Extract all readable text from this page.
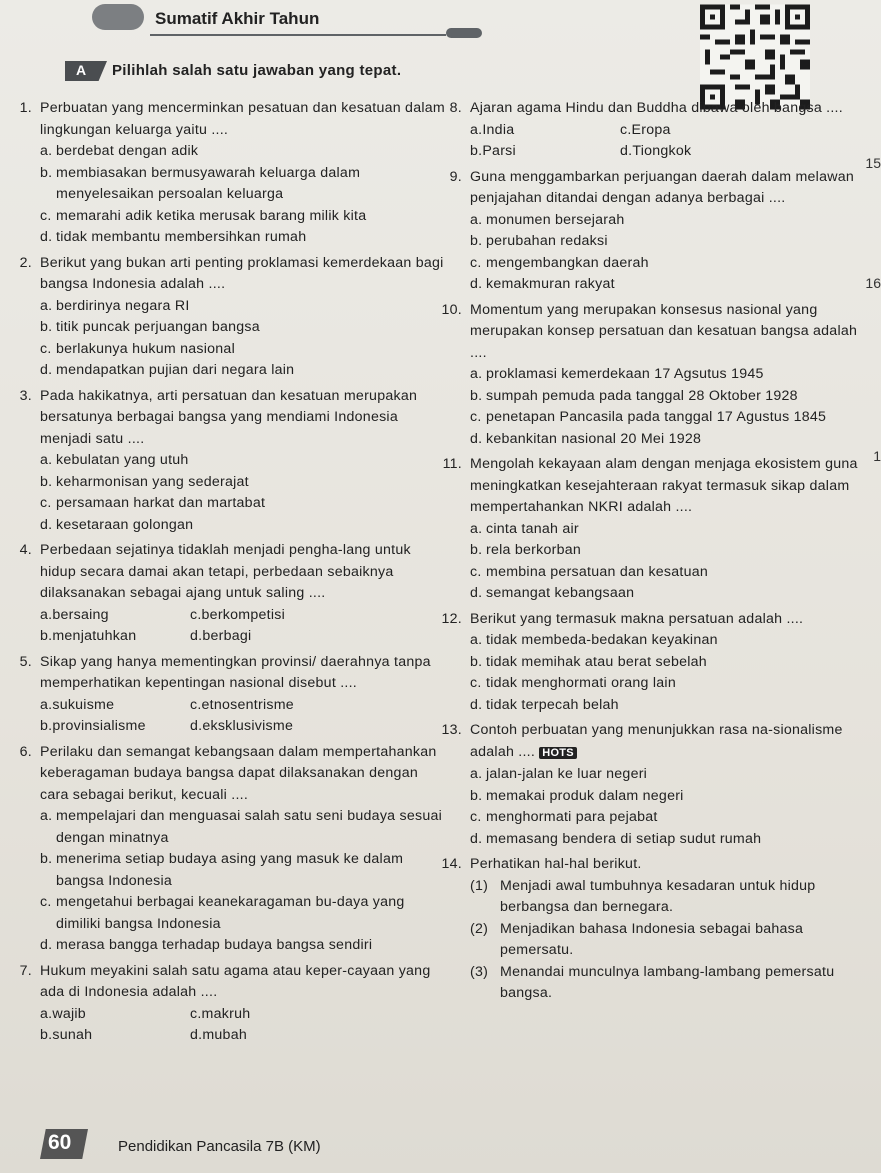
Sumatif Akhir Tahun
A Pilihlah salah satu jawaban yang tepat.
15
16
1
1. Perbuatan yang mencerminkan pesatuan dan kesatuan dalam lingkungan keluarga yaitu ....
a. berdebat dengan adik
b. membiasakan bermusyawarah keluarga dalam menyelesaikan persoalan keluarga
c. memarahi adik ketika merusak barang milik kita
d. tidak membantu membersihkan rumah
2. Berikut yang bukan arti penting proklamasi kemerdekaan bagi bangsa Indonesia adalah ....
a. berdirinya negara RI
b. titik puncak perjuangan bangsa
c. berlakunya hukum nasional
d. mendapatkan pujian dari negara lain
3. Pada hakikatnya, arti persatuan dan kesatuan merupakan bersatunya berbagai bangsa yang mendiami Indonesia menjadi satu ....
a. kebulatan yang utuh
b. keharmonisan yang sederajat
c. persamaan harkat dan martabat
d. kesetaraan golongan
4. Perbedaan sejatinya tidaklah menjadi pengha-lang untuk hidup secara damai akan tetapi, perbedaan sebaiknya dilaksanakan sebagai ajang untuk saling ....
a. bersaing	c. berkompetisi
b. menjatuhkan	d. berbagi
5. Sikap yang hanya mementingkan provinsi/ daerahnya tanpa memperhatikan kepentingan nasional disebut ....
a. sukuisme	c. etnosentrisme
b. provinsialisme	d. eksklusivisme
6. Perilaku dan semangat kebangsaan dalam mempertahankan keberagaman budaya bangsa dapat dilaksanakan dengan cara sebagai berikut, kecuali ....
a. mempelajari dan menguasai salah satu seni budaya sesuai dengan minatnya
b. menerima setiap budaya asing yang masuk ke dalam bangsa Indonesia
c. mengetahui berbagai keanekaragaman bu-daya yang dimiliki bangsa Indonesia
d. merasa bangga terhadap budaya bangsa sendiri
7. Hukum meyakini salah satu agama atau keper-cayaan yang ada di Indonesia adalah ....
a. wajib	c. makruh
b. sunah	d. mubah
8. Ajaran agama Hindu dan Buddha dibawa oleh bangsa ....
a. India	c. Eropa
b. Parsi	d. Tiongkok
9. Guna menggambarkan perjuangan daerah dalam melawan penjajahan ditandai dengan adanya berbagai ....
a. monumen bersejarah
b. perubahan redaksi
c. mengembangkan daerah
d. kemakmuran rakyat
10. Momentum yang merupakan konsesus nasional yang merupakan konsep persatuan dan kesatuan bangsa adalah ....
a. proklamasi kemerdekaan 17 Agsutus 1945
b. sumpah pemuda pada tanggal 28 Oktober 1928
c. penetapan Pancasila pada tanggal 17 Agustus 1845
d. kebankitan nasional 20 Mei 1928
11. Mengolah kekayaan alam dengan menjaga ekosistem guna meningkatkan kesejahteraan rakyat termasuk sikap dalam mempertahankan NKRI adalah ....
a. cinta tanah air
b. rela berkorban
c. membina persatuan dan kesatuan
d. semangat kebangsaan
12. Berikut yang termasuk makna persatuan adalah ....
a. tidak membeda-bedakan keyakinan
b. tidak memihak atau berat sebelah
c. tidak menghormati orang lain
d. tidak terpecah belah
13. Contoh perbuatan yang menunjukkan rasa na-sionalisme adalah .... HOTS
a. jalan-jalan ke luar negeri
b. memakai produk dalam negeri
c. menghormati para pejabat
d. memasang bendera di setiap sudut rumah
14. Perhatikan hal-hal berikut.
(1) Menjadi awal tumbuhnya kesadaran untuk hidup berbangsa dan bernegara.
(2) Menjadikan bahasa Indonesia sebagai bahasa pemersatu.
(3) Menandai munculnya lambang-lambang pemersatu bangsa.
60	Pendidikan Pancasila 7B (KM)
